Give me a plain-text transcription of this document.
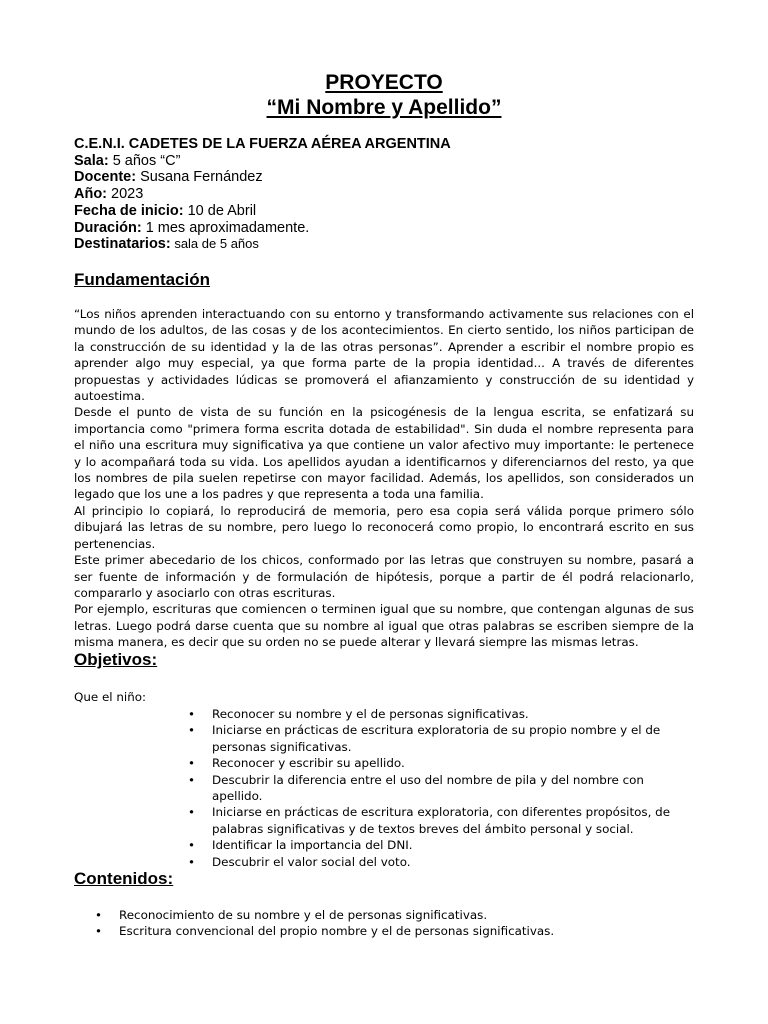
PROYECTO
“Mi Nombre y Apellido”
C.E.N.I. CADETES DE LA FUERZA AÉREA ARGENTINA
Sala: 5 años “C”
Docente: Susana Fernández
Año: 2023
Fecha de inicio: 10 de Abril
Duración: 1 mes aproximadamente.
Destinatarios: sala de 5 años
Fundamentación

“Los niños aprenden interactuando con su entorno y transformando activamente sus relaciones con el mundo de los adultos, de las cosas y de los acontecimientos. En cierto sentido, los niños participan de la construcción de su identidad y la de las otras personas”. Aprender a escribir el nombre propio es aprender algo muy especial, ya que forma parte de la propia identidad... A través de diferentes propuestas y actividades lúdicas se promoverá el afianzamiento y construcción de su identidad y autoestima.

Desde el punto de vista de su función en la psicogénesis de la lengua escrita, se enfatizará su importancia como "primera forma escrita dotada de estabilidad". Sin duda el nombre representa para el niño una escritura muy significativa ya que contiene un valor afectivo muy importante: le pertenece y lo acompañará toda su vida. Los apellidos ayudan a identificarnos y diferenciarnos del resto, ya que los nombres de pila suelen repetirse con mayor facilidad. Además, los apellidos, son considerados un legado que los une a los padres y que representa a toda una familia.

Al principio lo copiará, lo reproducirá de memoria, pero esa copia será válida porque primero sólo dibujará las letras de su nombre, pero luego lo reconocerá como propio, lo encontrará escrito en sus pertenencias.

Este primer abecedario de los chicos, conformado por las letras que construyen su nombre, pasará a ser fuente de información y de formulación de hipótesis, porque a partir de él podrá relacionarlo, compararlo y asociarlo con otras escrituras.

Por ejemplo, escrituras que comiencen o terminen igual que su nombre, que contengan algunas de sus letras. Luego podrá darse cuenta que su nombre al igual que otras palabras se escriben siempre de la misma manera, es decir que su orden no se puede alterar y llevará siempre las mismas letras.

Objetivos:
Que el niño:
• Reconocer su nombre y el de personas significativas.
• Iniciarse en prácticas de escritura exploratoria de su propio nombre y el de personas significativas.
• Reconocer y escribir su apellido.
• Descubrir la diferencia entre el uso del nombre de pila y del nombre con apellido.
• Iniciarse en prácticas de escritura exploratoria, con diferentes propósitos, de palabras significativas y de textos breves del ámbito personal y social.
• Identificar la importancia del DNI.
• Descubrir el valor social del voto.
Contenidos:
• Reconocimiento de su nombre y el de personas significativas.
• Escritura convencional del propio nombre y el de personas significativas.
